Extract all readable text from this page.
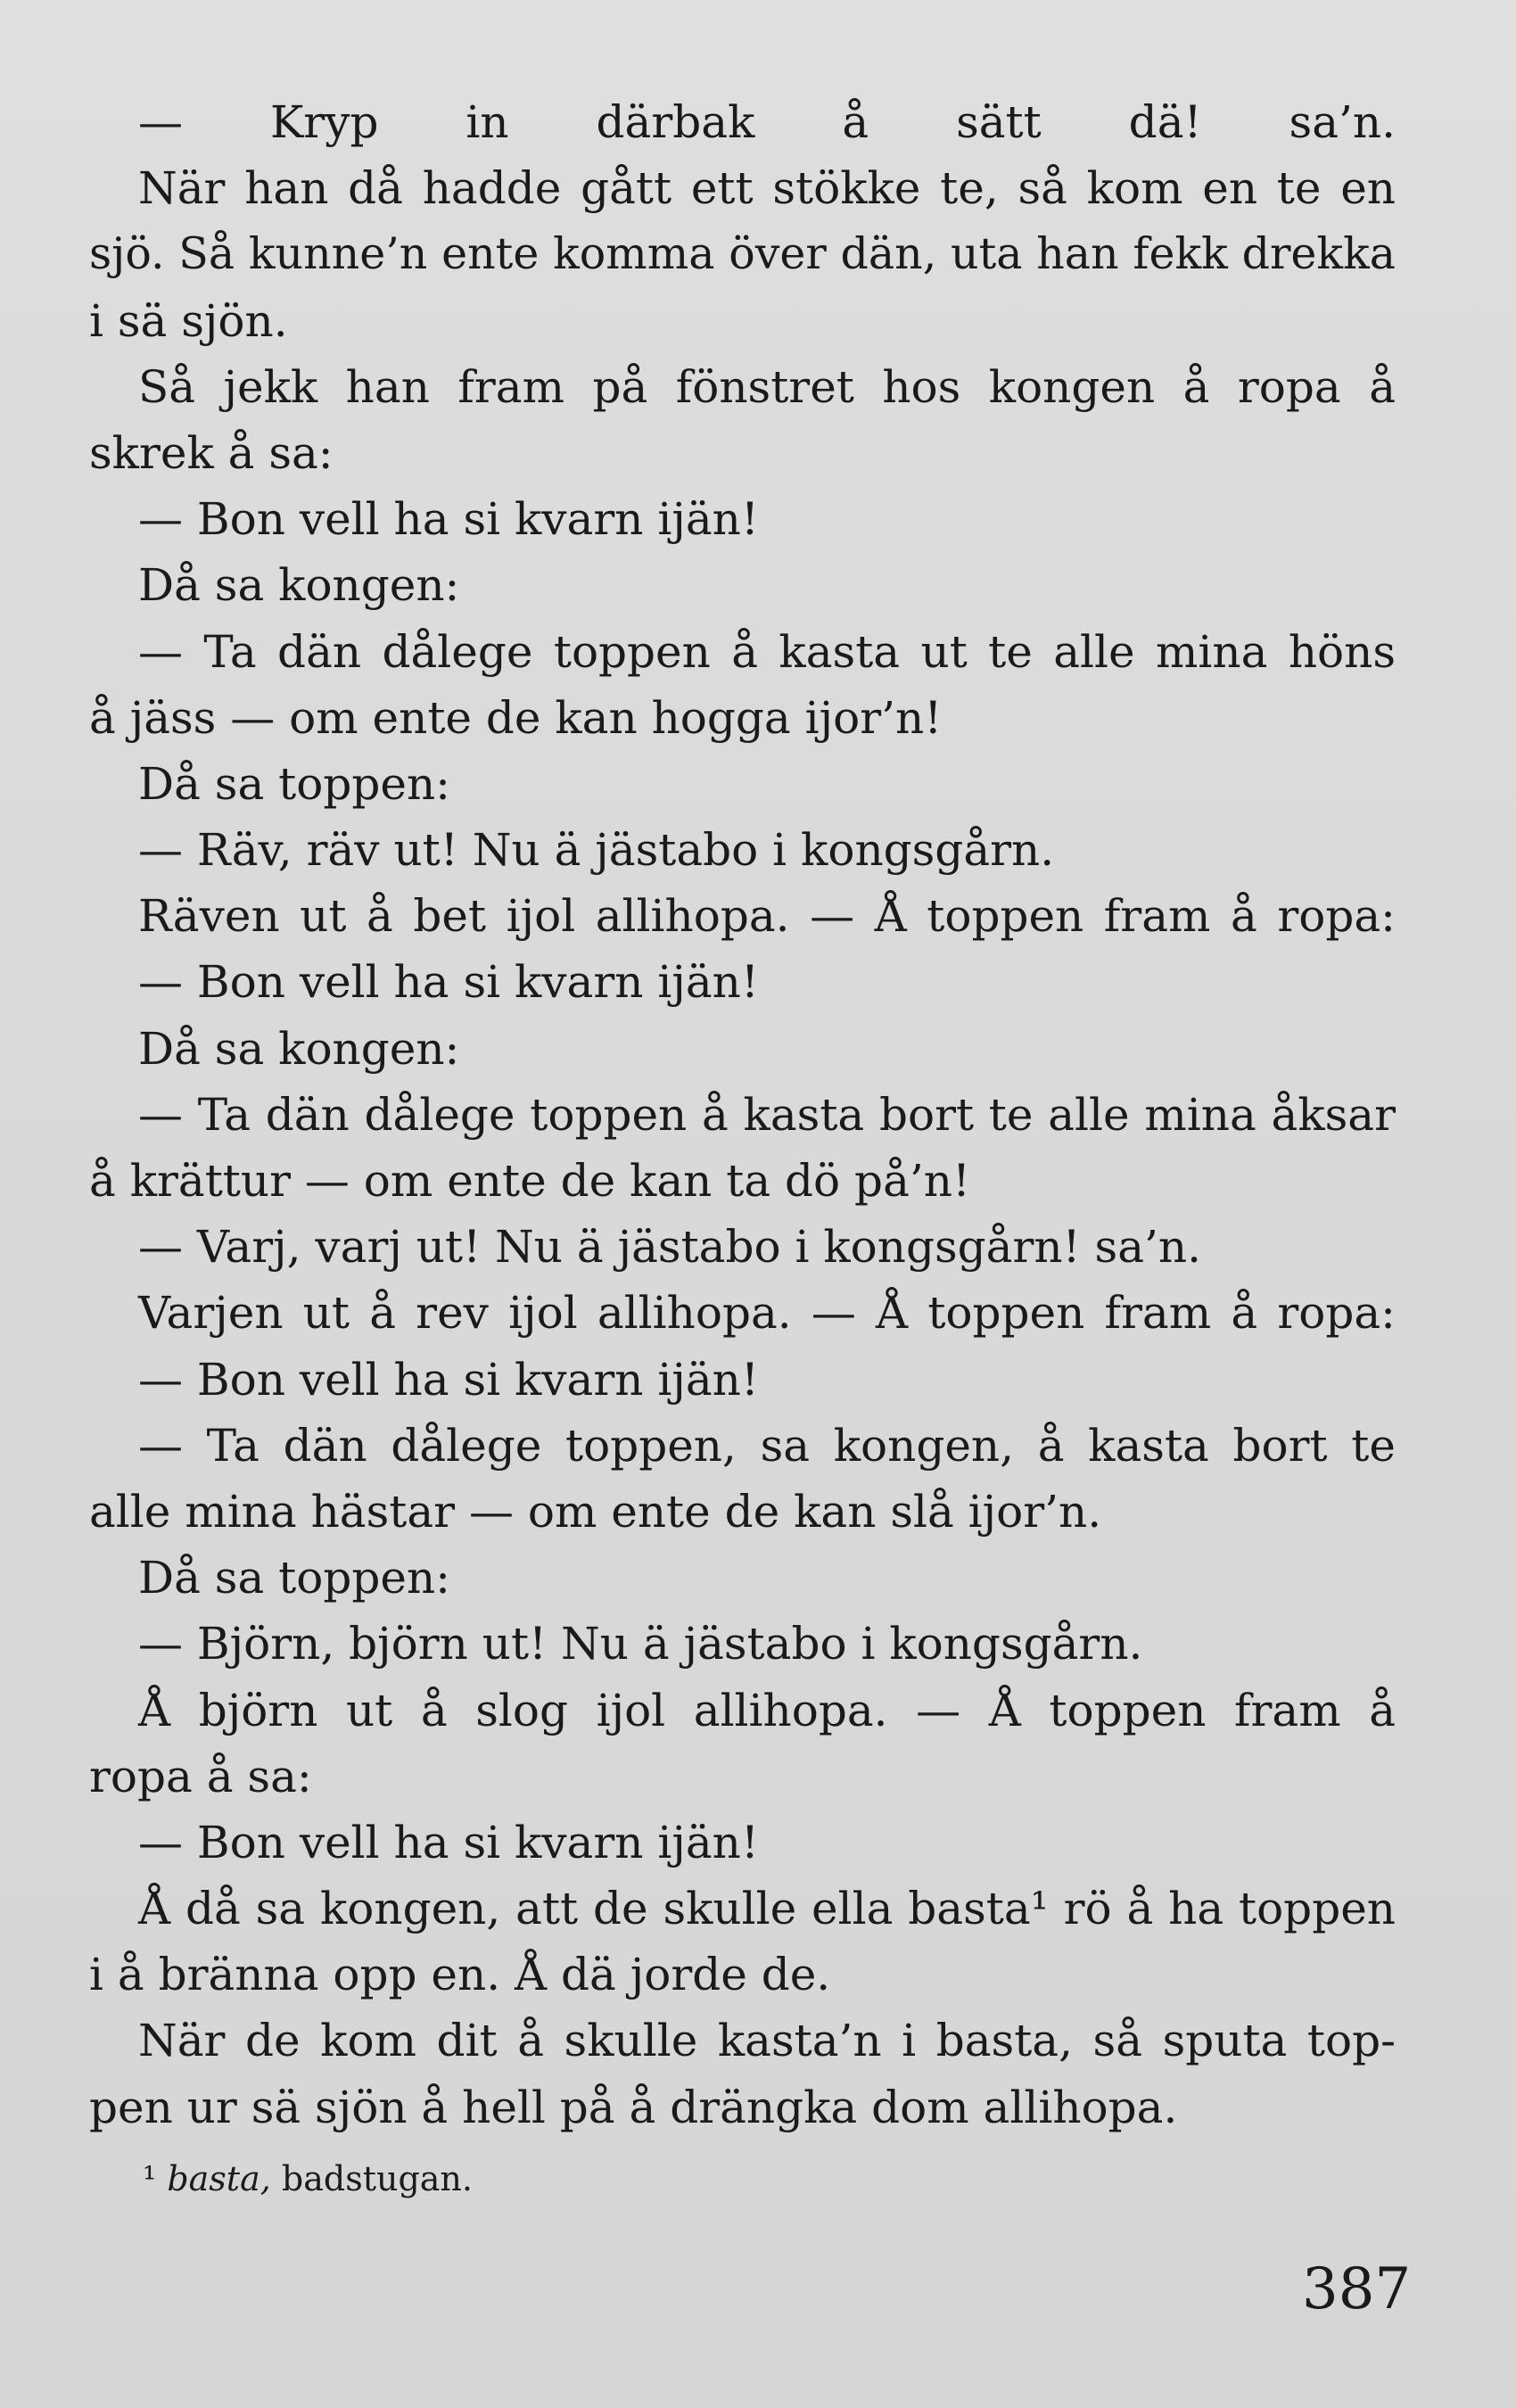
— Kryp in därbak å sätt dä! sa’n.
När han då hadde gått ett stökke te, så kom en te en
sjö. Så kunne’n ente komma över dän, uta han fekk drekka
i sä sjön.
Så jekk han fram på fönstret hos kongen å ropa å
skrek å sa:
— Bon vell ha si kvarn ijän!
Då sa kongen:
— Ta dän dålege toppen å kasta ut te alle mina höns
å jäss — om ente de kan hogga ijor’n!
Då sa toppen:
— Räv, räv ut! Nu ä jästabo i kongsgårn.
Räven ut å bet ijol allihopa. — Å toppen fram å ropa:
— Bon vell ha si kvarn ijän!
Då sa kongen:
— Ta dän dålege toppen å kasta bort te alle mina åksar
å krättur — om ente de kan ta dö på’n!
— Varj, varj ut! Nu ä jästabo i kongsgårn! sa’n.
Varjen ut å rev ijol allihopa. — Å toppen fram å ropa:
— Bon vell ha si kvarn ijän!
— Ta dän dålege toppen, sa kongen, å kasta bort te
alle mina hästar — om ente de kan slå ijor’n.
Då sa toppen:
— Björn, björn ut! Nu ä jästabo i kongsgårn.
Å björn ut å slog ijol allihopa. — Å toppen fram å
ropa å sa:
— Bon vell ha si kvarn ijän!
Å då sa kongen, att de skulle ella basta¹ rö å ha toppen
i å bränna opp en. Å dä jorde de.
När de kom dit å skulle kasta’n i basta, så sputa top-
pen ur sä sjön å hell på å drängka dom allihopa.
¹ basta, badstugan.
387
